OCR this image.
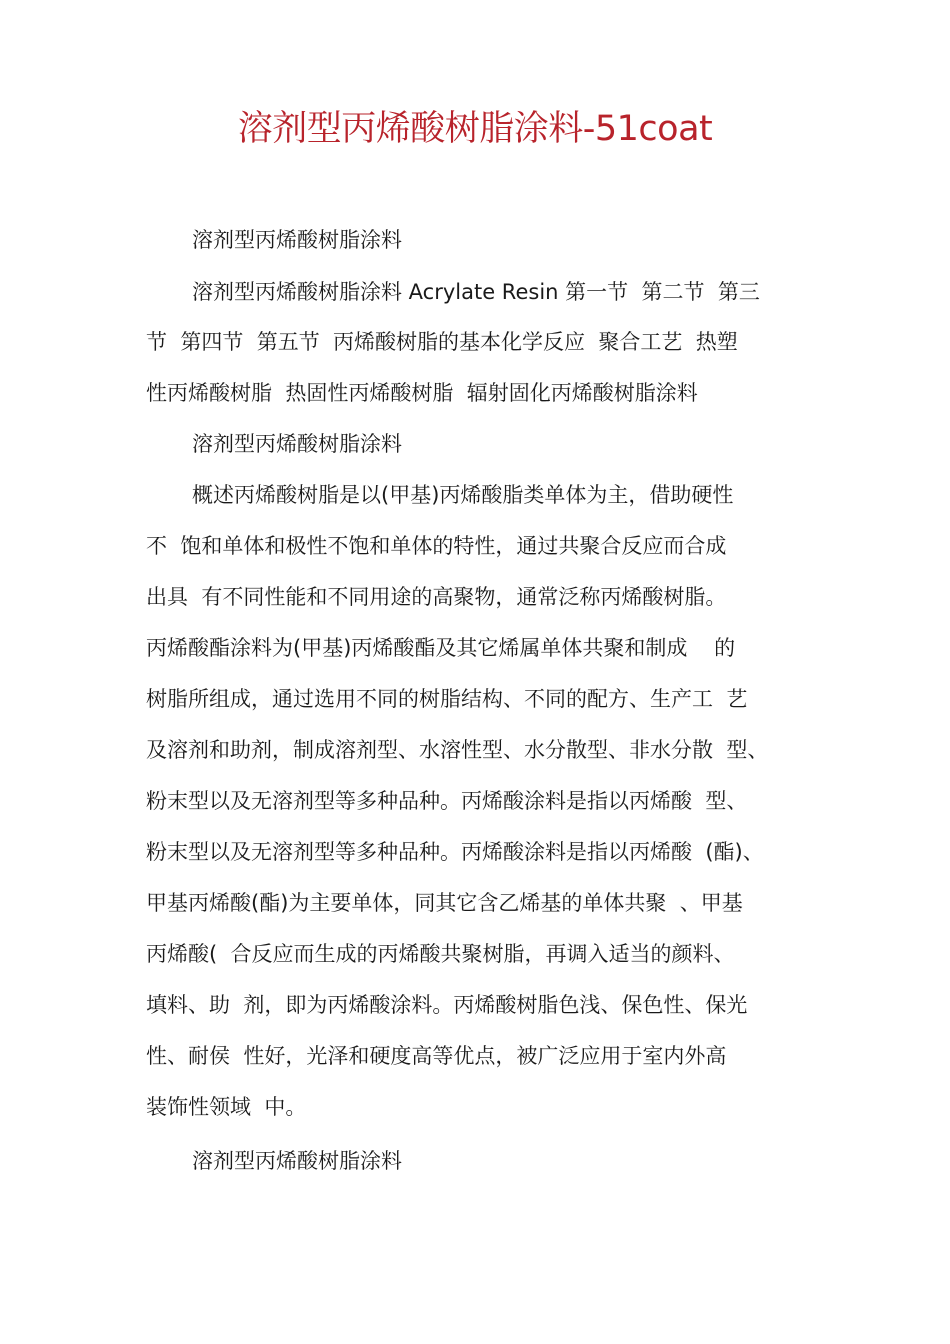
溶剂型丙烯酸树脂涂料-51coat

溶剂型丙烯酸树脂涂料

溶剂型丙烯酸树脂涂料 Acrylate Resin 第一节  第二节  第三

节  第四节  第五节  丙烯酸树脂的基本化学反应  聚合工艺  热塑

性丙烯酸树脂  热固性丙烯酸树脂  辐射固化丙烯酸树脂涂料

溶剂型丙烯酸树脂涂料

概述丙烯酸树脂是以(甲基)丙烯酸脂类单体为主，借助硬性

不  饱和单体和极性不饱和单体的特性，通过共聚合反应而合成

出具  有不同性能和不同用途的高聚物，通常泛称丙烯酸树脂。

丙烯酸酯涂料为(甲基)丙烯酸酯及其它烯属单体共聚和制成    的

树脂所组成，通过选用不同的树脂结构、不同的配方、生产工  艺

及溶剂和助剂，制成溶剂型、水溶性型、水分散型、非水分散  型、

粉末型以及无溶剂型等多种品种。丙烯酸涂料是指以丙烯酸  型、

粉末型以及无溶剂型等多种品种。丙烯酸涂料是指以丙烯酸  (酯)、

甲基丙烯酸(酯)为主要单体，同其它含乙烯基的单体共聚  、甲基

丙烯酸(  合反应而生成的丙烯酸共聚树脂，再调入适当的颜料、

填料、助  剂，即为丙烯酸涂料。丙烯酸树脂色浅、保色性、保光

性、耐侯  性好，光泽和硬度高等优点，被广泛应用于室内外高

装饰性领域  中。

溶剂型丙烯酸树脂涂料
